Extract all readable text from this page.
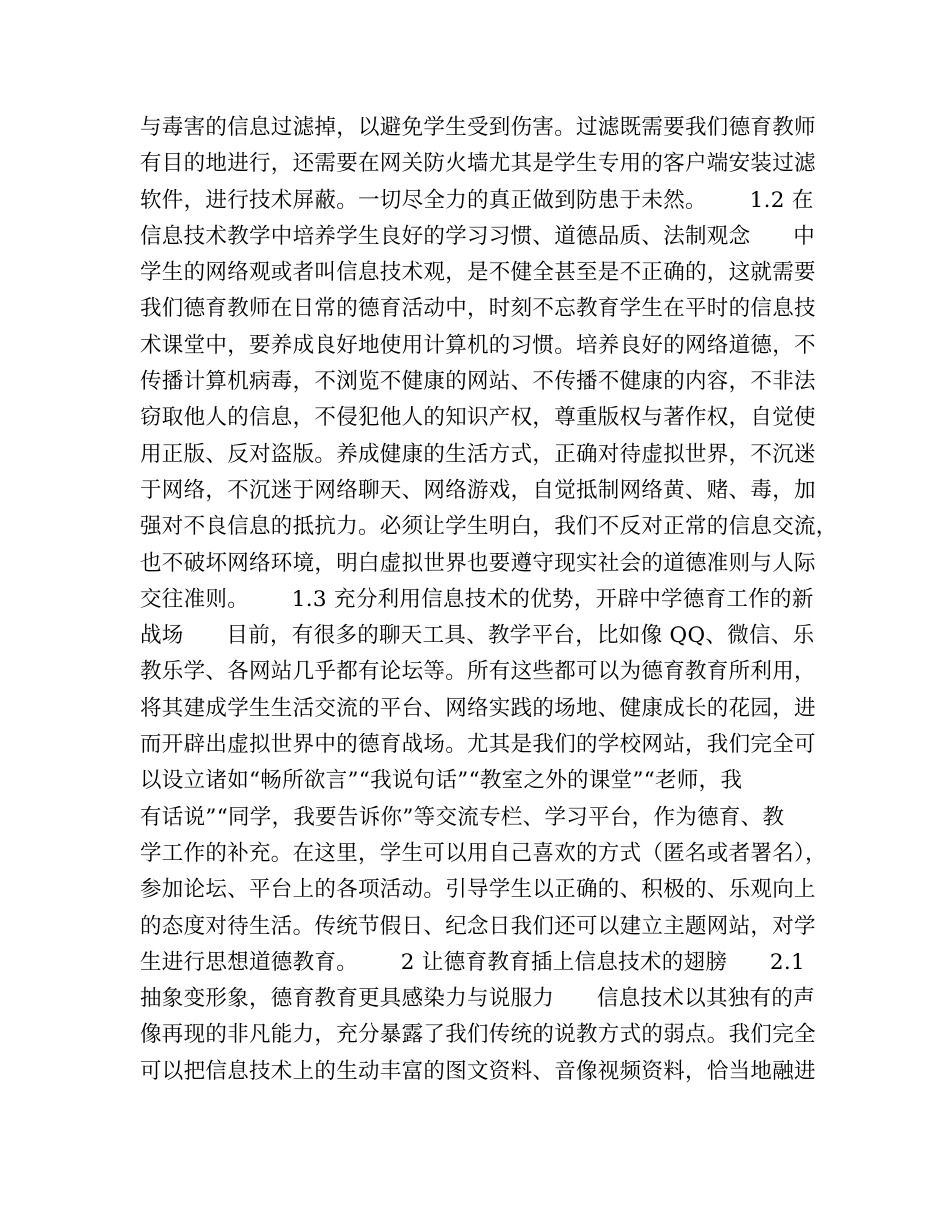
与毒害的信息过滤掉，以避免学生受到伤害。过滤既需要我们德育教师
有目的地进行，还需要在网关防火墙尤其是学生专用的客户端安装过滤
软件，进行技术屏蔽。一切尽全力的真正做到防患于未然。      1.2 在
信息技术教学中培养学生良好的学习习惯、道德品质、法制观念      中
学生的网络观或者叫信息技术观，是不健全甚至是不正确的，这就需要
我们德育教师在日常的德育活动中，时刻不忘教育学生在平时的信息技
术课堂中，要养成良好地使用计算机的习惯。培养良好的网络道德，不
传播计算机病毒，不浏览不健康的网站、不传播不健康的内容，不非法
窃取他人的信息，不侵犯他人的知识产权，尊重版权与著作权，自觉使
用正版、反对盗版。养成健康的生活方式，正确对待虚拟世界，不沉迷
于网络，不沉迷于网络聊天、网络游戏，自觉抵制网络黄、赌、毒，加
强对不良信息的抵抗力。必须让学生明白，我们不反对正常的信息交流，
也不破坏网络环境，明白虚拟世界也要遵守现实社会的道德准则与人际
交往准则。      1.3 充分利用信息技术的优势，开辟中学德育工作的新
战场      目前，有很多的聊天工具、教学平台，比如像 QQ、微信、乐
教乐学、各网站几乎都有论坛等。所有这些都可以为德育教育所利用，
将其建成学生生活交流的平台、网络实践的场地、健康成长的花园，进
而开辟出虚拟世界中的德育战场。尤其是我们的学校网站，我们完全可
以设立诸如“畅所欲言”“我说句话”“教室之外的课堂”“老师，我
有话说”“同学，我要告诉你”等交流专栏、学习平台，作为德育、教
学工作的补充。在这里，学生可以用自己喜欢的方式（匿名或者署名），
参加论坛、平台上的各项活动。引导学生以正确的、积极的、乐观向上
的态度对待生活。传统节假日、纪念日我们还可以建立主题网站，对学
生进行思想道德教育。      2 让德育教育插上信息技术的翅膀      2.1
抽象变形象，德育教育更具感染力与说服力      信息技术以其独有的声
像再现的非凡能力，充分暴露了我们传统的说教方式的弱点。我们完全
可以把信息技术上的生动丰富的图文资料、音像视频资料，恰当地融进
